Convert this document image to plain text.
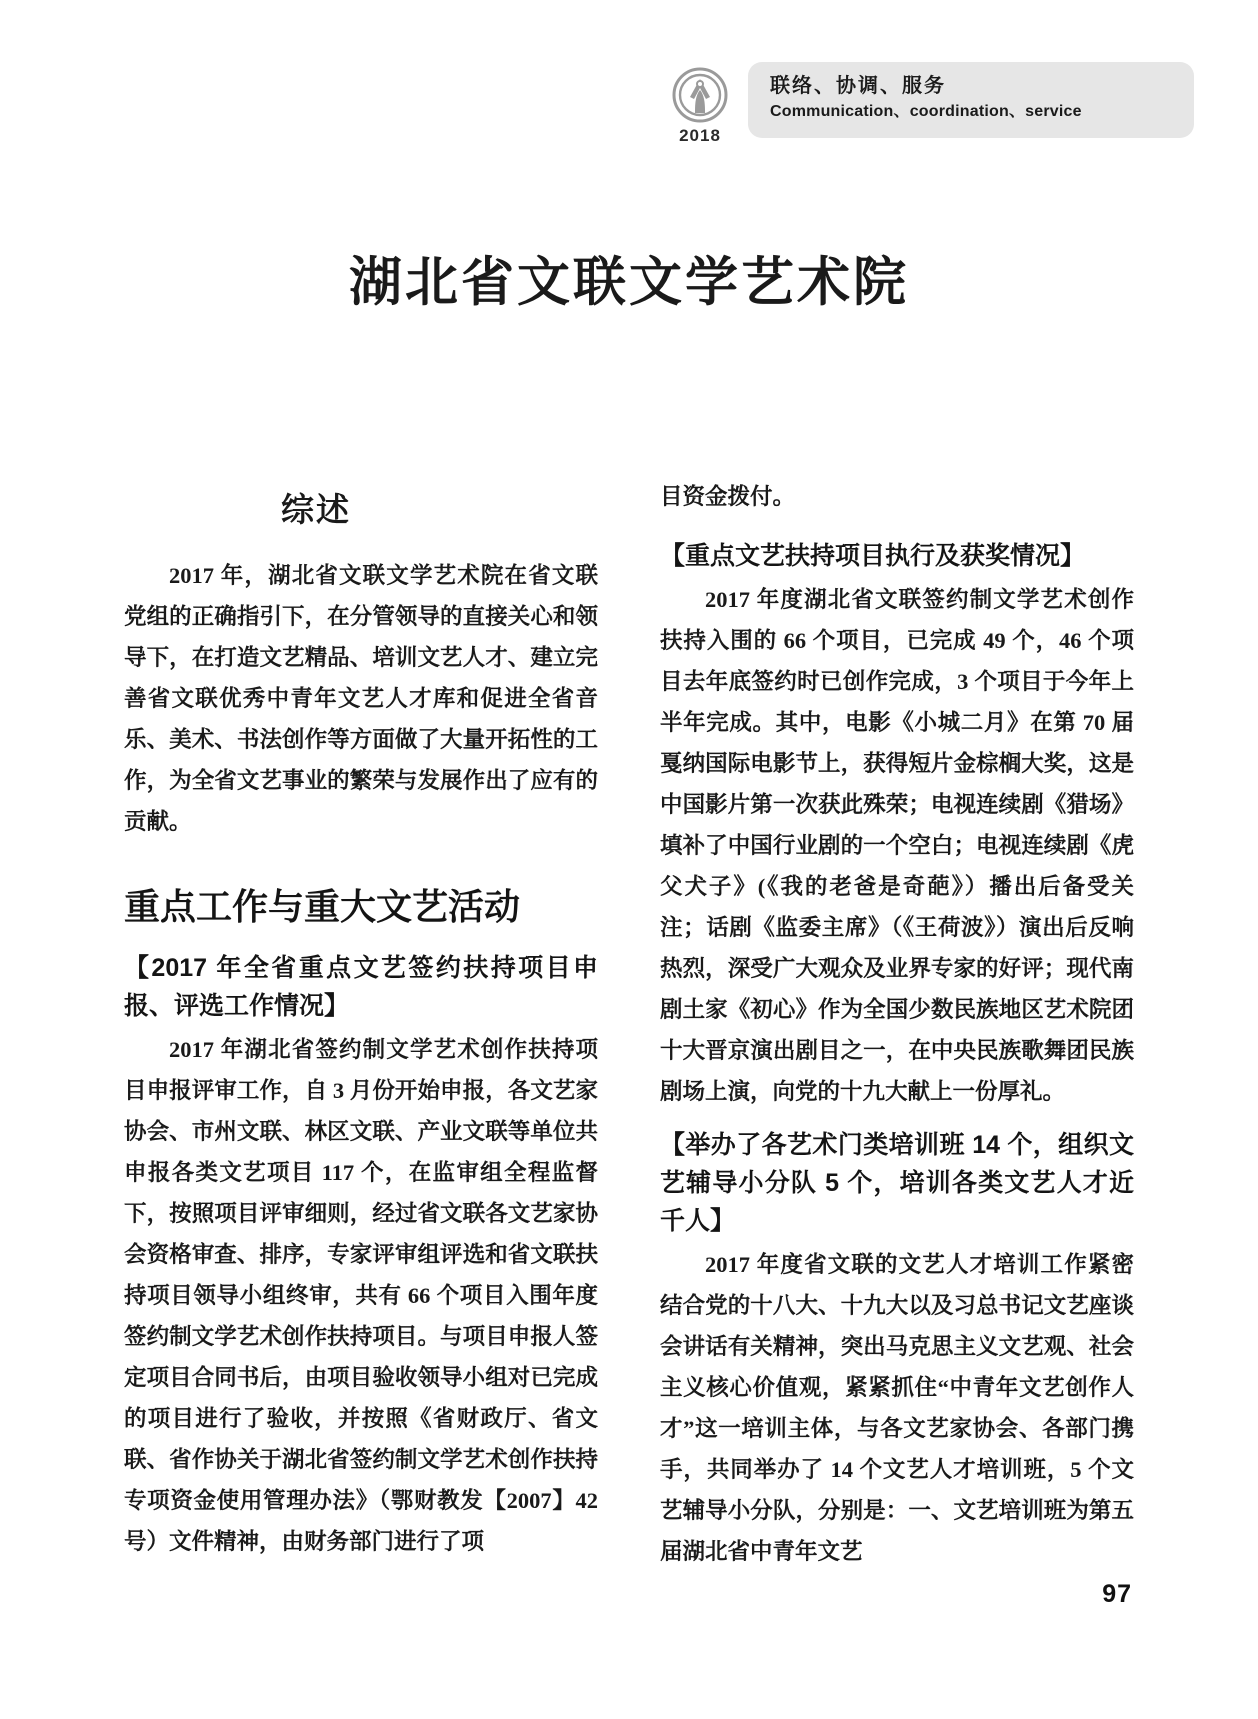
2018
联络、协调、服务
Communication、coordination、service
湖北省文联文学艺术院
综述

2017 年，湖北省文联文学艺术院在省文联党组的正确指引下，在分管领导的直接关心和领导下，在打造文艺精品、培训文艺人才、建立完善省文联优秀中青年文艺人才库和促进全省音乐、美术、书法创作等方面做了大量开拓性的工作，为全省文艺事业的繁荣与发展作出了应有的贡献。

重点工作与重大文艺活动
【2017 年全省重点文艺签约扶持项目申报、评选工作情况】

2017 年湖北省签约制文学艺术创作扶持项目申报评审工作，自 3 月份开始申报，各文艺家协会、市州文联、林区文联、产业文联等单位共申报各类文艺项目 117 个，在监审组全程监督下，按照项目评审细则，经过省文联各文艺家协会资格审查、排序，专家评审组评选和省文联扶持项目领导小组终审，共有 66 个项目入围年度签约制文学艺术创作扶持项目。与项目申报人签定项目合同书后，由项目验收领导小组对已完成的项目进行了验收，并按照《省财政厅、省文联、省作协关于湖北省签约制文学艺术创作扶持专项资金使用管理办法》（鄂财教发【2007】42 号）文件精神，由财务部门进行了项

目资金拨付。

【重点文艺扶持项目执行及获奖情况】

2017 年度湖北省文联签约制文学艺术创作扶持入围的 66 个项目，已完成 49 个，46 个项目去年底签约时已创作完成，3 个项目于今年上半年完成。其中，电影《小城二月》在第 70 届戛纳国际电影节上，获得短片金棕榈大奖，这是中国影片第一次获此殊荣；电视连续剧《猎场》填补了中国行业剧的一个空白；电视连续剧《虎父犬子》(《我的老爸是奇葩》）播出后备受关注；话剧《监委主席》（《王荷波》）演出后反响热烈，深受广大观众及业界专家的好评；现代南剧土家《初心》作为全国少数民族地区艺术院团十大晋京演出剧目之一，在中央民族歌舞团民族剧场上演，向党的十九大献上一份厚礼。

【举办了各艺术门类培训班 14 个，组织文艺辅导小分队 5 个，培训各类文艺人才近千人】

2017 年度省文联的文艺人才培训工作紧密结合党的十八大、十九大以及习总书记文艺座谈会讲话有关精神，突出马克思主义文艺观、社会主义核心价值观，紧紧抓住“中青年文艺创作人才”这一培训主体，与各文艺家协会、各部门携手，共同举办了 14 个文艺人才培训班，5 个文艺辅导小分队，分别是：一、文艺培训班为第五届湖北省中青年文艺

97
